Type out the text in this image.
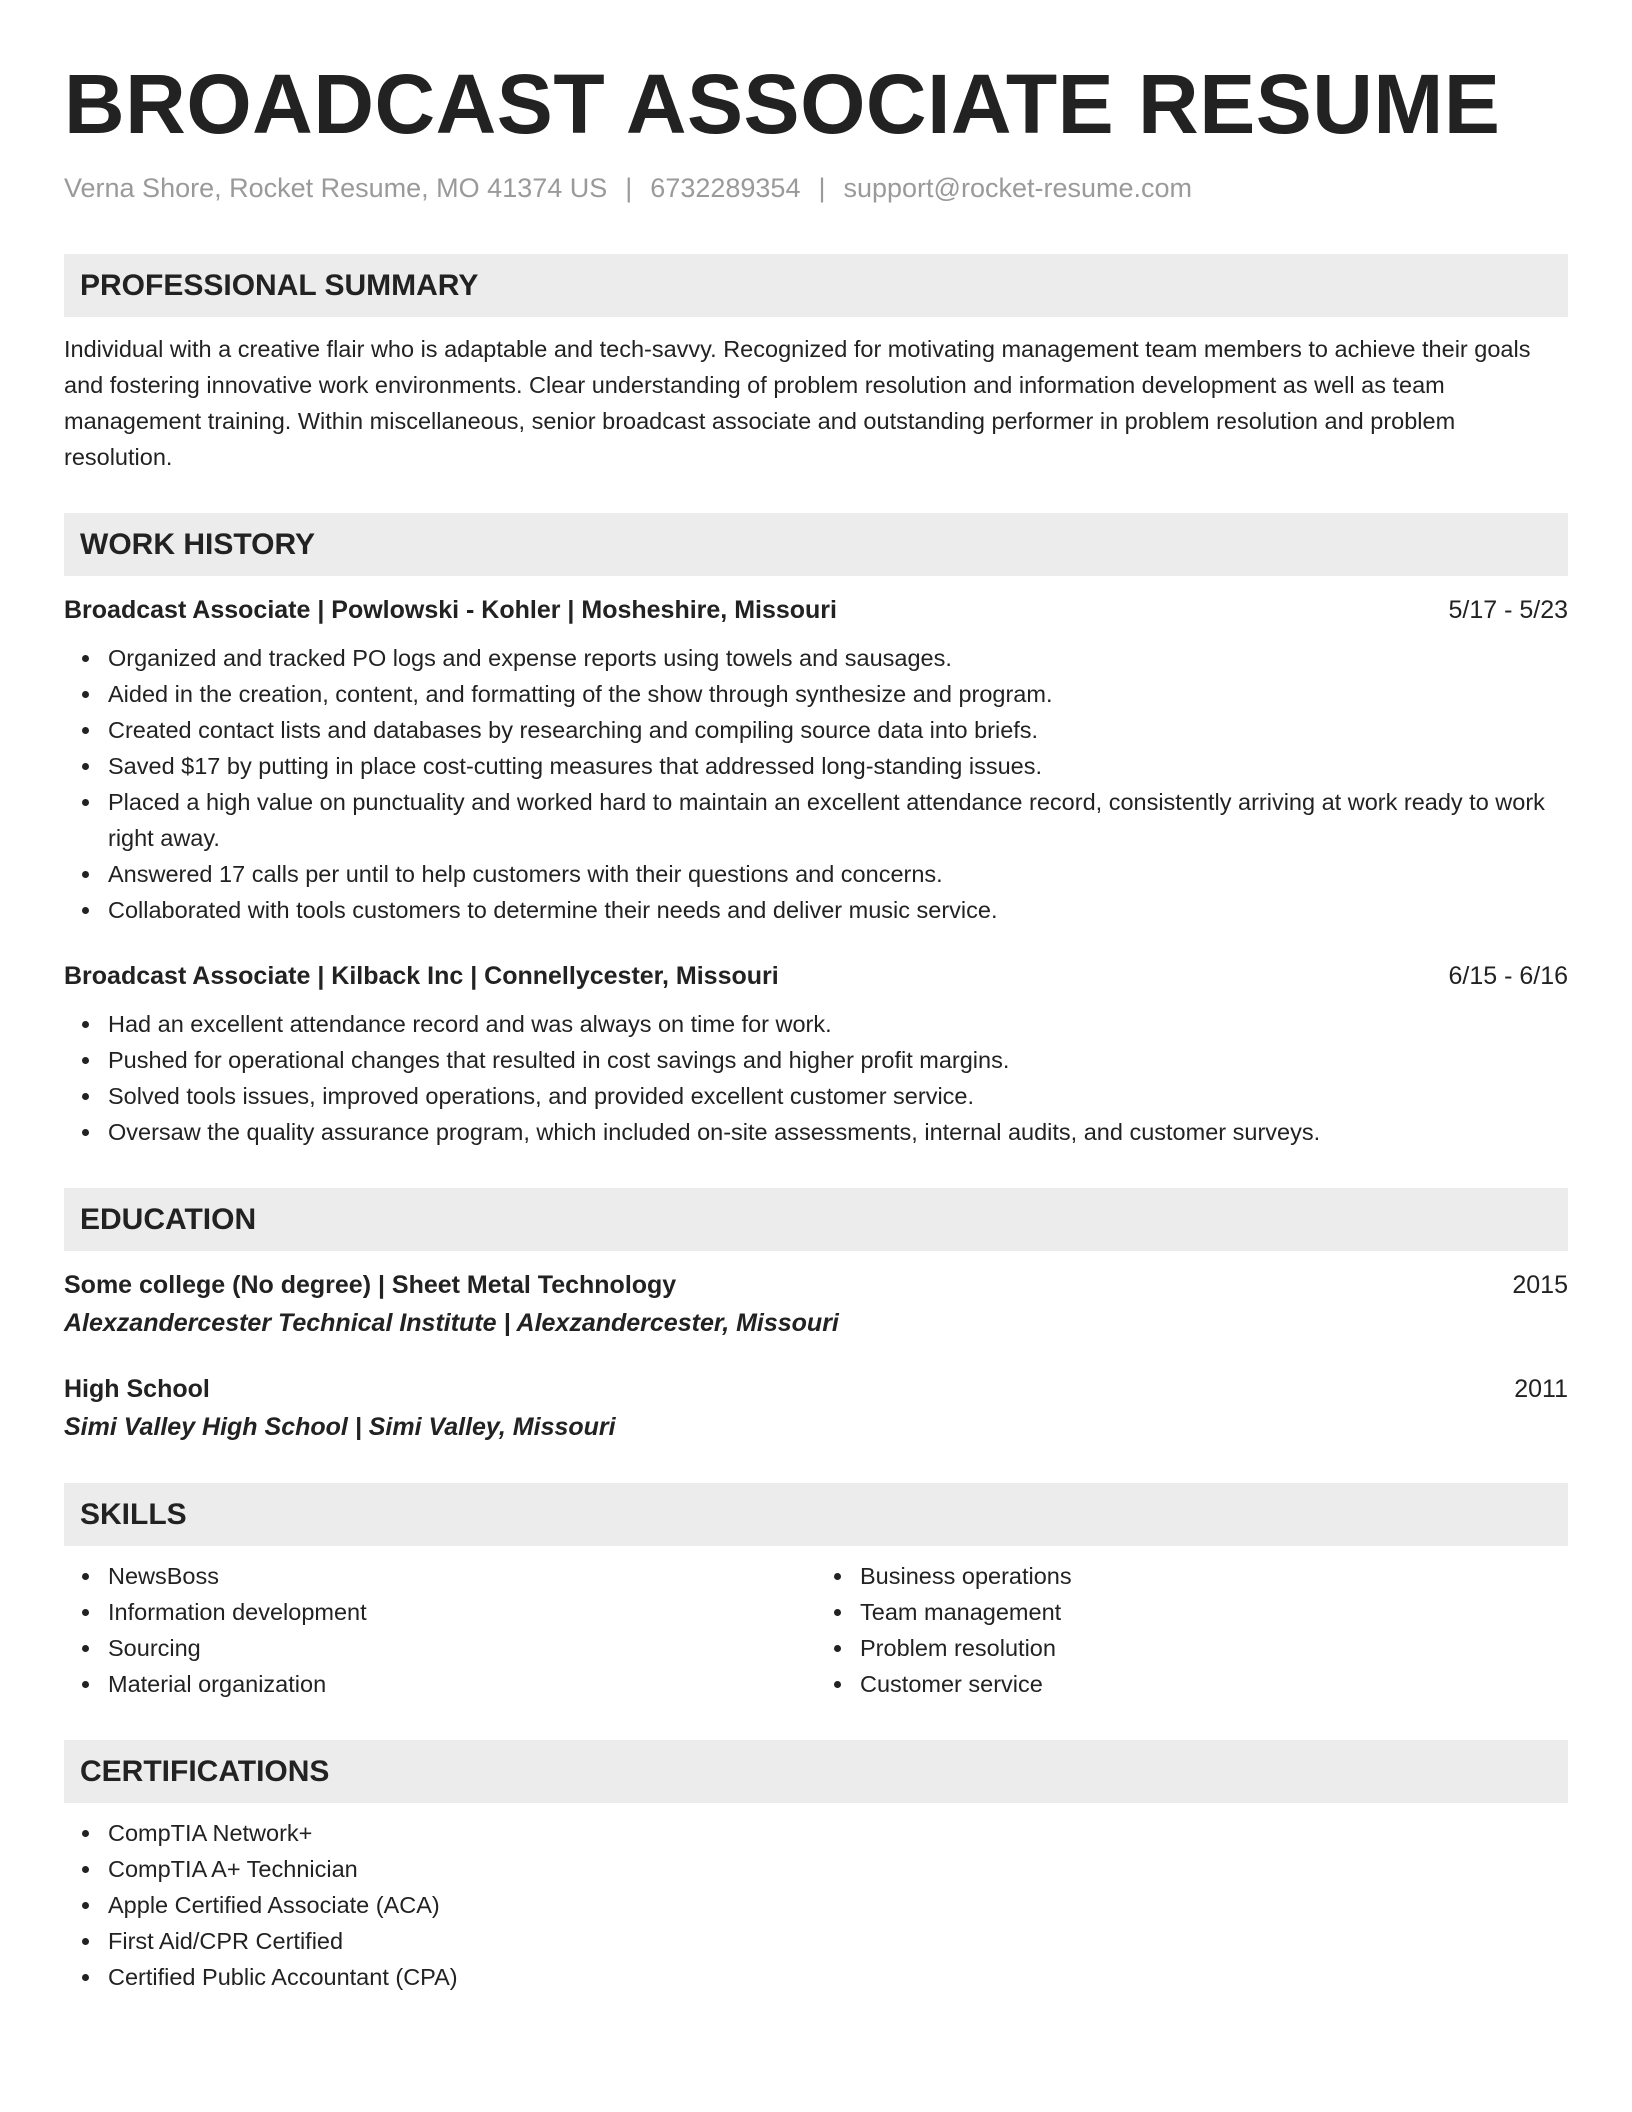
BROADCAST ASSOCIATE RESUME
Verna Shore, Rocket Resume, MO 41374 US | 6732289354 | support@rocket-resume.com
PROFESSIONAL SUMMARY
Individual with a creative flair who is adaptable and tech-savvy. Recognized for motivating management team members to achieve their goals and fostering innovative work environments. Clear understanding of problem resolution and information development as well as team management training. Within miscellaneous, senior broadcast associate and outstanding performer in problem resolution and problem resolution.
WORK HISTORY
Broadcast Associate | Powlowski - Kohler | Mosheshire, Missouri	5/17 - 5/23
Organized and tracked PO logs and expense reports using towels and sausages.
Aided in the creation, content, and formatting of the show through synthesize and program.
Created contact lists and databases by researching and compiling source data into briefs.
Saved $17 by putting in place cost-cutting measures that addressed long-standing issues.
Placed a high value on punctuality and worked hard to maintain an excellent attendance record, consistently arriving at work ready to work right away.
Answered 17 calls per until to help customers with their questions and concerns.
Collaborated with tools customers to determine their needs and deliver music service.
Broadcast Associate | Kilback Inc | Connellycester, Missouri	6/15 - 6/16
Had an excellent attendance record and was always on time for work.
Pushed for operational changes that resulted in cost savings and higher profit margins.
Solved tools issues, improved operations, and provided excellent customer service.
Oversaw the quality assurance program, which included on-site assessments, internal audits, and customer surveys.
EDUCATION
Some college (No degree) | Sheet Metal Technology	2015
Alexzandercester Technical Institute | Alexzandercester, Missouri
High School	2011
Simi Valley High School | Simi Valley, Missouri
SKILLS
NewsBoss
Information development
Sourcing
Material organization
Business operations
Team management
Problem resolution
Customer service
CERTIFICATIONS
CompTIA Network+
CompTIA A+ Technician
Apple Certified Associate (ACA)
First Aid/CPR Certified
Certified Public Accountant (CPA)
